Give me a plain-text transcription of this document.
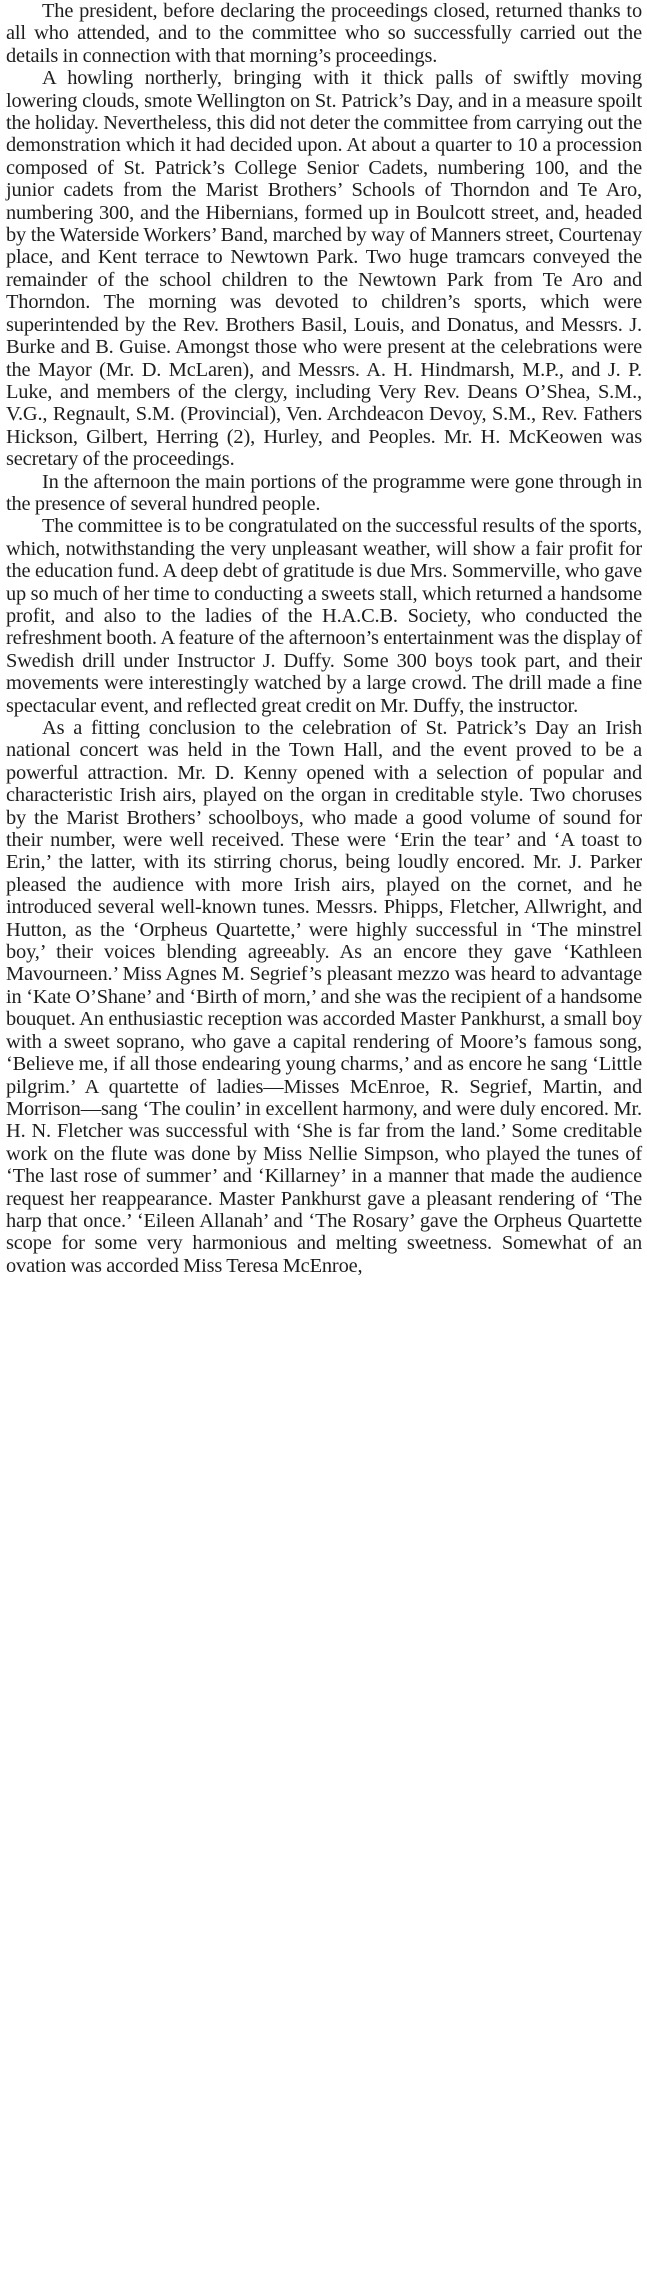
The president, before declaring the proceedings closed, returned thanks to all who attended, and to the committee who so successfully carried out the details in connection with that morning’s proceedings.

A howling northerly, bringing with it thick palls of swiftly moving lowering clouds, smote Wellington on St. Patrick’s Day, and in a measure spoilt the holiday. Nevertheless, this did not deter the committee from carrying out the demonstration which it had decided upon. At about a quarter to 10 a procession composed of St. Patrick’s College Senior Cadets, numbering 100, and the junior cadets from the Marist Brothers’ Schools of Thorndon and Te Aro, numbering 300, and the Hibernians, formed up in Boulcott street, and, headed by the Waterside Workers’ Band, marched by way of Manners street, Courtenay place, and Kent terrace to Newtown Park. Two huge tramcars conveyed the remainder of the school children to the Newtown Park from Te Aro and Thorndon. The morning was devoted to children’s sports, which were superintended by the Rev. Brothers Basil, Louis, and Donatus, and Messrs. J. Burke and B. Guise. Amongst those who were present at the celebrations were the Mayor (Mr. D. McLaren), and Messrs. A. H. Hindmarsh, M.P., and J. P. Luke, and members of the clergy, including Very Rev. Deans O’Shea, S.M., V.G., Regnault, S.M. (Provincial), Ven. Archdeacon Devoy, S.M., Rev. Fathers Hickson, Gilbert, Herring (2), Hurley, and Peoples. Mr. H. McKeowen was secretary of the proceedings.

In the afternoon the main portions of the programme were gone through in the presence of several hundred people.

The committee is to be congratulated on the successful results of the sports, which, notwithstanding the very unpleasant weather, will show a fair profit for the education fund. A deep debt of gratitude is due Mrs. Sommerville, who gave up so much of her time to conducting a sweets stall, which returned a handsome profit, and also to the ladies of the H.A.C.B. Society, who conducted the refreshment booth. A feature of the afternoon’s entertainment was the display of Swedish drill under Instructor J. Duffy. Some 300 boys took part, and their movements were interestingly watched by a large crowd. The drill made a fine spectacular event, and reflected great credit on Mr. Duffy, the instructor.

As a fitting conclusion to the celebration of St. Patrick’s Day an Irish national concert was held in the Town Hall, and the event proved to be a powerful attraction. Mr. D. Kenny opened with a selection of popular and characteristic Irish airs, played on the organ in creditable style. Two choruses by the Marist Brothers’ schoolboys, who made a good volume of sound for their number, were well received. These were ‘Erin the tear’ and ‘A toast to Erin,’ the latter, with its stirring chorus, being loudly encored. Mr. J. Parker pleased the audience with more Irish airs, played on the cornet, and he introduced several well-known tunes. Messrs. Phipps, Fletcher, Allwright, and Hutton, as the ‘Orpheus Quartette,’ were highly successful in ‘The minstrel boy,’ their voices blending agreeably. As an encore they gave ‘Kathleen Mavourneen.’ Miss Agnes M. Segrief’s pleasant mezzo was heard to advantage in ‘Kate O’Shane’ and ‘Birth of morn,’ and she was the recipient of a handsome bouquet. An enthusiastic reception was accorded Master Pankhurst, a small boy with a sweet soprano, who gave a capital rendering of Moore’s famous song, ‘Believe me, if all those endearing young charms,’ and as encore he sang ‘Little pilgrim.’ A quartette of ladies—Misses McEnroe, R. Segrief, Martin, and Morrison—sang ‘The coulin’ in excellent harmony, and were duly encored. Mr. H. N. Fletcher was successful with ‘She is far from the land.’ Some creditable work on the flute was done by Miss Nellie Simpson, who played the tunes of ‘The last rose of summer’ and ‘Killarney’ in a manner that made the audience request her reappearance. Master Pankhurst gave a pleasant rendering of ‘The harp that once.’ ‘Eileen Allanah’ and ‘The Rosary’ gave the Orpheus Quartette scope for some very harmonious and melting sweetness. Somewhat of an ovation was accorded Miss Teresa McEnroe,
